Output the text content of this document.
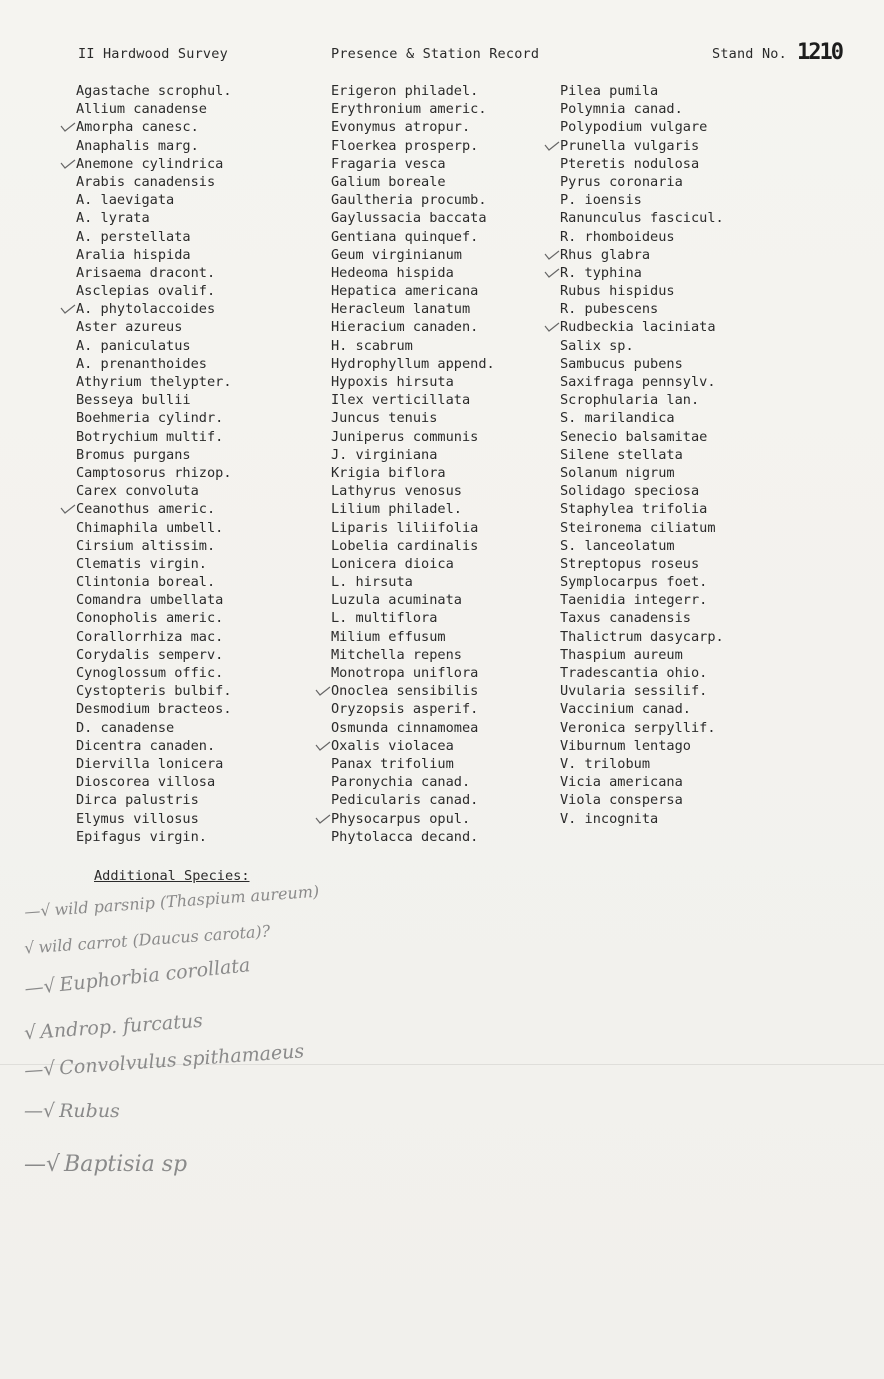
II Hardwood Survey	Presence & Station Record	Stand No. 1210
Agastache scrophul.
Allium canadense
Amorpha canesc.
Anaphalis marg.
Anemone cylindrica
Arabis canadensis
A. laevigata
A. lyrata
A. perstellata
Aralia hispida
Arisaema dracont.
Asclepias ovalif.
A. phytolaccoides
Aster azureus
A. paniculatus
A. prenanthoides
Athyrium thelypter.
Besseya bullii
Boehmeria cylindr.
Botrychium multif.
Bromus purgans
Camptosorus rhizop.
Carex convoluta
Ceanothus americ.
Chimaphila umbell.
Cirsium altissim.
Clematis virgin.
Clintonia boreal.
Comandra umbellata
Conopholis americ.
Corallorrhiza mac.
Corydalis semperv.
Cynoglossum offic.
Cystopteris bulbif.
Desmodium bracteos.
D. canadense
Dicentra canaden.
Diervilla lonicera
Dioscorea villosa
Dirca palustris
Elymus villosus
Epifagus virgin.
Erigeron philadel.
Erythronium americ.
Evonymus atropur.
Floerkea prosperp.
Fragaria vesca
Galium boreale
Gaultheria procumb.
Gaylussacia baccata
Gentiana quinquef.
Geum virginianum
Hedeoma hispida
Hepatica americana
Heracleum lanatum
Hieracium canaden.
H. scabrum
Hydrophyllum append.
Hypoxis hirsuta
Ilex verticillata
Juncus tenuis
Juniperus communis
J. virginiana
Krigia biflora
Lathyrus venosus
Lilium philadel.
Liparis liliifolia
Lobelia cardinalis
Lonicera dioica
L. hirsuta
Luzula acuminata
L. multiflora
Milium effusum
Mitchella repens
Monotropa uniflora
Onoclea sensibilis
Oryzopsis asperif.
Osmunda cinnamomea
Oxalis violacea
Panax trifolium
Paronychia canad.
Pedicularis canad.
Physocarpus opul.
Phytolacca decand.
Pilea pumila
Polymnia canad.
Polypodium vulgare
Prunella vulgaris
Pteretis nodulosa
Pyrus coronaria
P. ioensis
Ranunculus fascicul.
R. rhomboideus
Rhus glabra
R. typhina
Rubus hispidus
R. pubescens
Rudbeckia laciniata
Salix sp.
Sambucus pubens
Saxifraga pennsylv.
Scrophularia lan.
S. marilandica
Senecio balsamitae
Silene stellata
Solanum nigrum
Solidago speciosa
Staphylea trifolia
Steironema ciliatum
S. lanceolatum
Streptopus roseus
Symplocarpus foet.
Taenidia integerr.
Taxus canadensis
Thalictrum dasycarp.
Thaspium aureum
Tradescantia ohio.
Uvularia sessilif.
Vaccinium canad.
Veronica serpyllif.
Viburnum lentago
V. trilobum
Vicia americana
Viola conspersa
V. incognita
Additional Species:
—√ wild parsnip (Thaspium aureum)
√ wild carrot (Daucus carota)?
—√Euphorbia corollata
√ Androp. furcatus
—√ Convolvulus spithamaeus
—√ Rubus
—√ Baptisia sp
